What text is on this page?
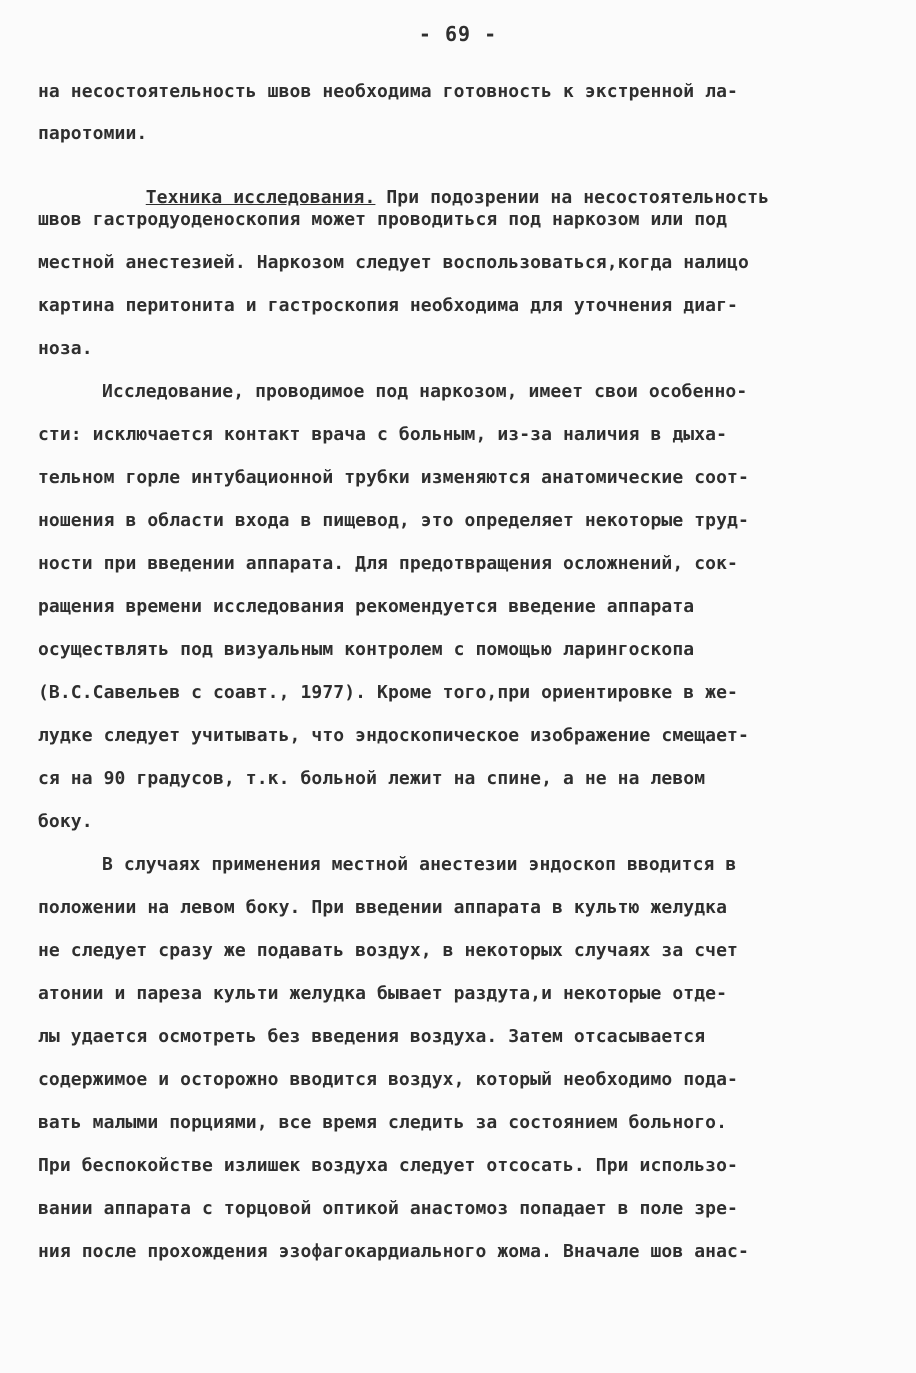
- 69 -
на несостоятельность швов необходима готовность к экстренной ла-
паротомии.

Техника исследования. При подозрении на несостоятельность

швов гастродуоденоскопия может проводиться под наркозом или под
местной анестезией. Наркозом следует воспользоваться,когда налицо
картина перитонита и гастроскопия необходима для уточнения диаг-
ноза.
Исследование, проводимое под наркозом, имеет свои особенно-
сти: исключается контакт врача с больным, из-за наличия в дыха-
тельном горле интубационной трубки изменяются анатомические соот-
ношения в области входа в пищевод, это определяет некоторые труд-
ности при введении аппарата. Для предотвращения осложнений, сок-
ращения времени исследования рекомендуется введение аппарата
осуществлять под визуальным контролем с помощью ларингоскопа
(В.С.Савельев с соавт., 1977). Кроме того,при ориентировке в же-
лудке следует учитывать, что эндоскопическое изображение смещает-
ся на 90 градусов, т.к. больной лежит на спине, а не на левом
боку.
В случаях применения местной анестезии эндоскоп вводится в
положении на левом боку. При введении аппарата в культю желудка
не следует сразу же подавать воздух, в некоторых случаях за счет
атонии и пареза культи желудка бывает раздута,и некоторые отде-
лы удается осмотреть без введения воздуха. Затем отсасывается
содержимое и осторожно вводится воздух, который необходимо пода-
вать малыми порциями, все время следить за состоянием больного.
При беспокойстве излишек воздуха следует отсосать. При использо-
вании аппарата с торцовой оптикой анастомоз попадает в поле зре-
ния после прохождения эзофагокардиального жома. Вначале шов анас-
